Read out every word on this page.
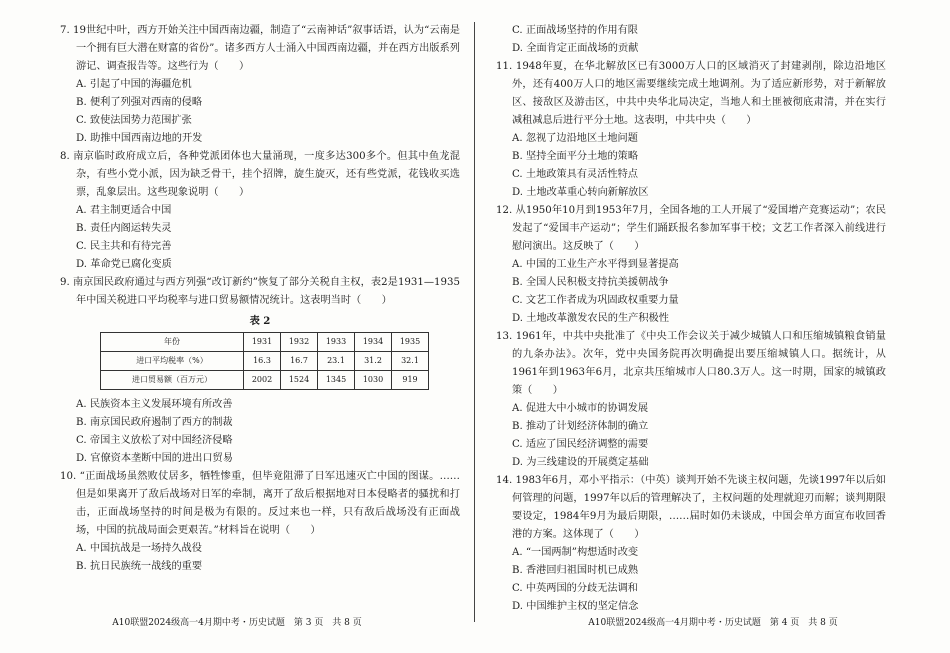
7. 19世纪中叶，西方开始关注中国西南边疆，制造了“云南神话”叙事话语，认为“云南是一个拥有巨大潜在财富的省份”。诸多西方人士涌入中国西南边疆，并在西方出版系列游记、调查报告等。这些行为（　　）

A. 引起了中国的海疆危机

B. 便利了列强对西南的侵略

C. 致使法国势力范围扩张

D. 助推中国西南边地的开发

8. 南京临时政府成立后，各种党派团体也大量涌现，一度多达300多个。但其中鱼龙混杂，有些小党小派，因为缺乏骨干，挂个招牌，旋生旋灭，还有些党派，花钱收买选票，乱象层出。这些现象说明（　　）

A. 君主制更适合中国

B. 责任内阁运转失灵

C. 民主共和有待完善

D. 革命党已腐化变质

9. 南京国民政府通过与西方列强“改订新约”恢复了部分关税自主权，表2是1931—1935年中国关税进口平均税率与进口贸易额情况统计。这表明当时（　　）

表 2
年份	1931	1932	1933	1934	1935
进口平均税率（%）	16.3	16.7	23.1	31.2	32.1
进口贸易额（百万元）	2002	1524	1345	1030	919

A. 民族资本主义发展环境有所改善

B. 南京国民政府遏制了西方的制裁

C. 帝国主义放松了对中国经济侵略

D. 官僚资本垄断中国的进出口贸易

10. “正面战场虽然败仗居多，牺牲惨重，但毕竟阻滞了日军迅速灭亡中国的图谋。……但是如果离开了敌后战场对日军的牵制，离开了敌后根据地对日本侵略者的骚扰和打击，正面战场坚持的时间是极为有限的。反过来也一样，只有敌后战场没有正面战场，中国的抗战局面会更艰苦。”材料旨在说明（　　）

A. 中国抗战是一场持久战役

B. 抗日民族统一战线的重要

A10联盟2024级高一4月期中考・历史试题　第 3 页　共 8 页

C. 正面战场坚持的作用有限

D. 全面肯定正面战场的贡献

11. 1948年夏，在华北解放区已有3000万人口的区域消灭了封建剥削，除边沿地区外，还有400万人口的地区需要继续完成土地调剂。为了适应新形势，对于新解放区、接敌区及游击区，中共中央华北局决定，当地人和土匪被彻底肃清，并在实行减租减息后进行平分土地。这表明，中共中央（　　）

A. 忽视了边沿地区土地问题

B. 坚持全面平分土地的策略

C. 土地政策具有灵活性特点

D. 土地改革重心转向新解放区

12. 从1950年10月到1953年7月，全国各地的工人开展了“爱国增产竞赛运动”；农民发起了“爱国丰产运动”；学生们踊跃报名参加军事干校；文艺工作者深入前线进行慰问演出。这反映了（　　）

A. 中国的工业生产水平得到显著提高

B. 全国人民积极支持抗美援朝战争

C. 文艺工作者成为巩固政权重要力量

D. 土地改革激发农民的生产积极性

13. 1961年，中共中央批准了《中央工作会议关于减少城镇人口和压缩城镇粮食销量的九条办法》。次年，党中央国务院再次明确提出要压缩城镇人口。据统计，从1961年到1963年6月，北京共压缩城市人口80.3万人。这一时期，国家的城镇政策（　　）

A. 促进大中小城市的协调发展

B. 推动了计划经济体制的确立

C. 适应了国民经济调整的需要

D. 为三线建设的开展奠定基础

14. 1983年6月，邓小平指示：（中英）谈判开始不先谈主权问题，先谈1997年以后如何管理的问题，1997年以后的管理解决了，主权问题的处理就迎刃而解；谈判期限要设定，1984年9月为最后期限，……届时如仍未谈成，中国会单方面宣布收回香港的方案。这体现了（　　）

A. “一国两制”构想适时改变

B. 香港回归祖国时机已成熟

C. 中英两国的分歧无法调和

D. 中国维护主权的坚定信念

A10联盟2024级高一4月期中考・历史试题　第 4 页　共 8 页
